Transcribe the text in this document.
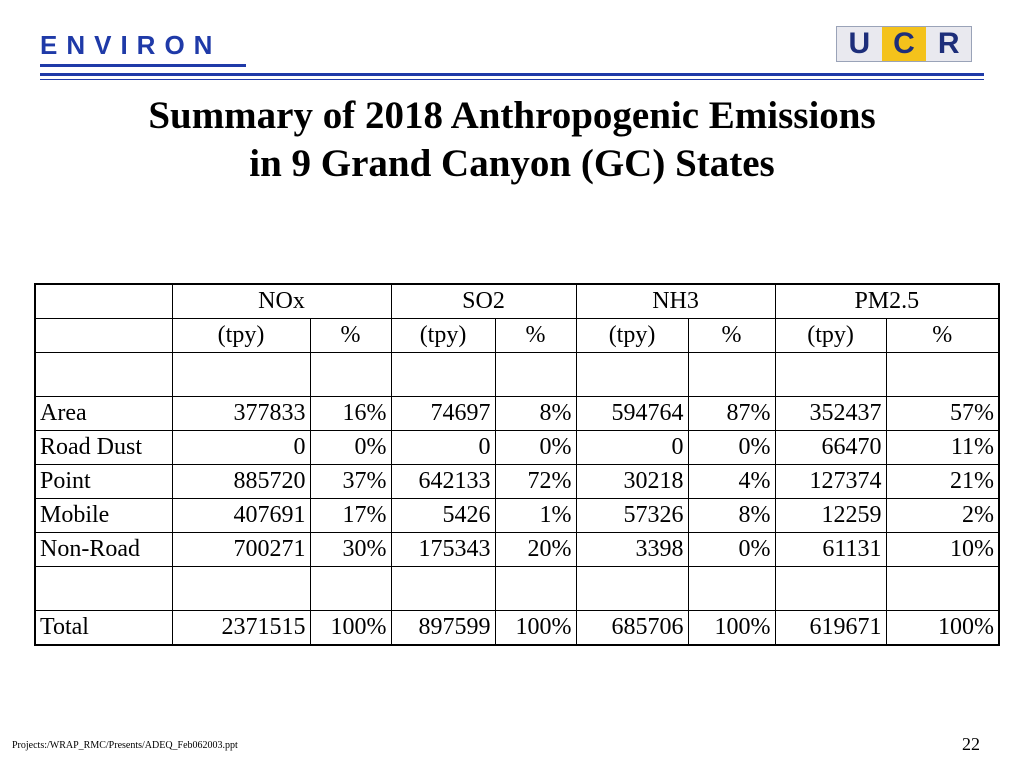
ENVIRON	U C R
Summary of 2018 Anthropogenic Emissions
in 9 Grand Canyon (GC) States
	NOx		SO2		NH3		PM2.5	
	(tpy)	%	(tpy)	%	(tpy)	%	(tpy)	%

Area	377833	16%	74697	8%	594764	87%	352437	57%
Road Dust	0	0%	0	0%	0	0%	66470	11%
Point	885720	37%	642133	72%	30218	4%	127374	21%
Mobile	407691	17%	5426	1%	57326	8%	12259	2%
Non-Road	700271	30%	175343	20%	3398	0%	61131	10%

Total	2371515	100%	897599	100%	685706	100%	619671	100%
Projects:/WRAP_RMC/Presents/ADEQ_Feb062003.ppt	22
